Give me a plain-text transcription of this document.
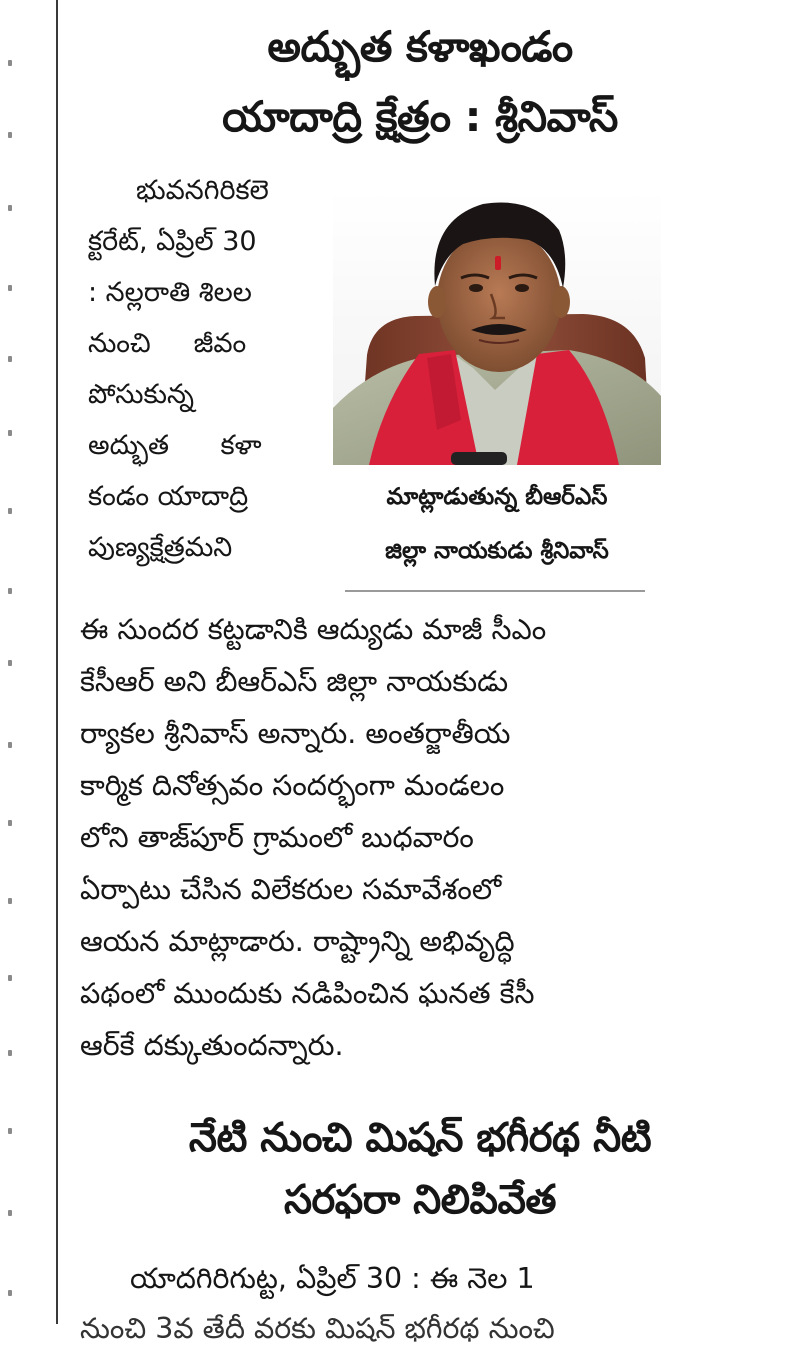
అద్భుత కళాఖండం
యాదాద్రి క్షేత్రం : శ్రీనివాస్
భువనగిరికలె
క్టరేట్, ఏప్రిల్ 30
: నల్లరాతి శిలల
నుంచి     జీవం
పోసుకున్న
అద్భుత      కళా
కండం యాదాద్రి
పుణ్యక్షేత్రమని
మాట్లాడుతున్న బీఆర్ఎస్
జిల్లా నాయకుడు శ్రీనివాస్
ఈ సుందర కట్టడానికి ఆద్యుడు మాజీ సీఎం
కేసీఆర్ అని బీఆర్ఎస్ జిల్లా నాయకుడు
ర్యాకల శ్రీనివాస్ అన్నారు. అంతర్జాతీయ
కార్మిక దినోత్సవం సందర్భంగా మండలం
లోని తాజ్‌పూర్ గ్రామంలో బుధవారం
ఏర్పాటు చేసిన విలేకరుల సమావేశంలో
ఆయన మాట్లాడారు. రాష్ట్రాన్ని అభివృద్ధి
పథంలో ముందుకు నడిపించిన ఘనత కేసీ
ఆర్‌కే దక్కుతుందన్నారు.
నేటి నుంచి మిషన్ భగీరథ నీటి
సరఫరా నిలిపివేత
యాదగిరిగుట్ట, ఏప్రిల్ 30 : ఈ నెల 1
నుంచి 3వ తేదీ వరకు మిషన్ భగీరథ నుంచి
